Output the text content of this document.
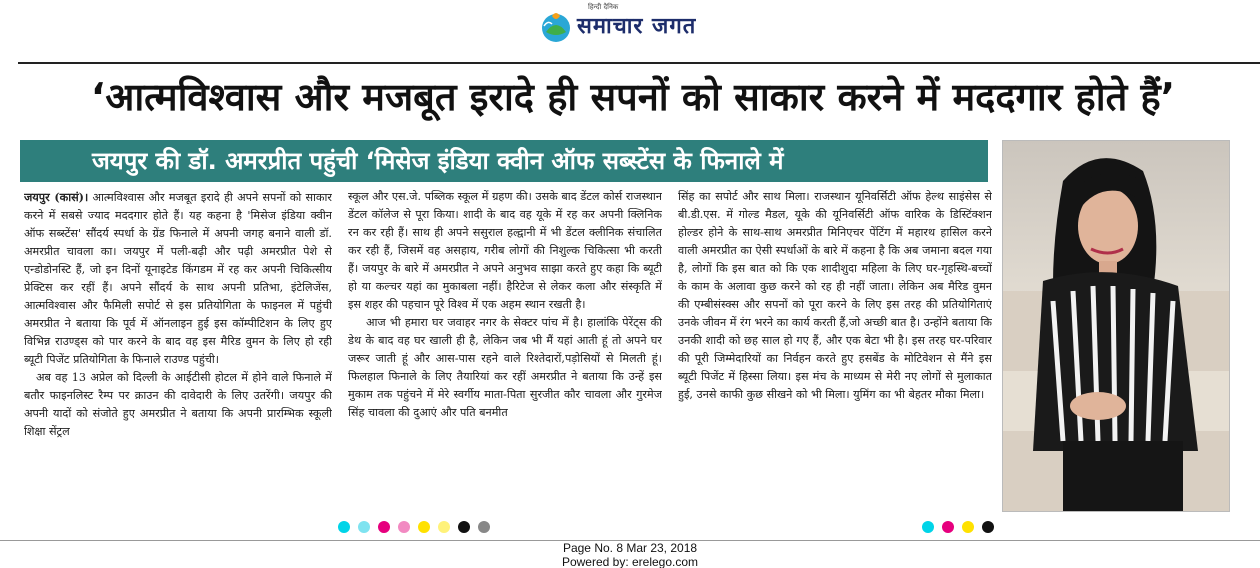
हिन्दी दैनिक
समाचार जगत
‘आत्मविश्वास और मजबूत इरादे ही सपनों को साकार करने में मददगार होते हैं’
जयपुर की डॉ. अमरप्रीत पहुंची ‘मिसेज इंडिया क्वीन ऑफ सब्स्टेंस के फिनाले में

जयपुर (कासं)। आत्मविश्वास और मजबूत इरादे ही अपने सपनों को साकार करने में सबसे ज्याद मददगार होते हैं। यह कहना है 'मिसेज इंडिया क्वीन ऑफ सब्स्टेंस' सौंदर्य स्पर्धा के ग्रेंड फिनाले में अपनी जगह बनाने वाली डॉ. अमरप्रीत चावला का। जयपुर में पली-बढ़ी और पढ़ी अमरप्रीत पेशे से एन्डोडोनस्टि हैं, जो इन दिनों यूनाइटेड किंगडम में रह कर अपनी चिकित्सीय प्रेक्टिस कर रहीं हैं। अपने सौंदर्य के साथ अपनी प्रतिभा, इंटेलिजेंस, आत्मविश्वास और फैमिली सपोर्ट से इस प्रतियोगिता के फाइनल में पहुंची अमरप्रीत ने बताया कि पूर्व में ऑनलाइन हुई इस कॉम्पीटिशन के लिए हुए विभिन्न राउण्ड्स को पार करने के बाद वह इस मैरिड वुमन के लिए हो रही ब्यूटी पिजेंट प्रतियोगिता के फिनाले राउण्ड पहुंची।

अब वह 13 अप्रेल को दिल्ली के आईटीसी होटल में होने वाले फिनाले में बतौर फाइनलिस्ट रैम्प पर क्राउन की दावेदारी के लिए उतरेंगी। जयपुर की अपनी यादों को संजोते हुए अमरप्रीत ने बताया कि अपनी प्रारम्भिक स्कूली शिक्षा सेंट्रल

स्कूल और एस.जे. पब्लिक स्कूल में ग्रहण की। उसके बाद डेंटल कोर्स राजस्थान डेंटल कॉलेज से पूरा किया। शादी के बाद वह यूके में रह कर अपनी क्लिनिक रन कर रही हैं। साथ ही अपने ससुराल हल्द्वानी में भी डेंटल क्लीनिक संचालित कर रही हैं, जिसमें वह असहाय, गरीब लोगों की निशुल्क चिकित्सा भी करती हैं। जयपुर के बारे में अमरप्रीत ने अपने अनुभव साझा करते हुए कहा कि ब्यूटी हो या कल्चर यहां का मुकाबला नहीं। हैरिटेज से लेकर कला और संस्कृति में इस शहर की पहचान पूरे विश्व में एक अहम स्थान रखती है।

आज भी हमारा घर जवाहर नगर के सेक्टर पांच में है। हालांकि पेरेंट्स की डेथ के बाद वह घर खाली ही है, लेकिन जब भी मैं यहां आती हूं तो अपने घर जरूर जाती हूं और आस-पास रहने वाले रिश्तेदारों,पड़ोसियों से मिलती हूं। फिलहाल फिनाले के लिए तैयारियां कर रहीं अमरप्रीत ने बताया कि उन्हें इस मुकाम तक पहुंचने में मेरे स्वर्गीय माता-पिता सुरजीत कौर चावला और गुरमेज सिंह चावला की दुआएं और पति बनमीत

सिंह का सपोर्ट और साथ मिला। राजस्थान यूनिवर्सिटी ऑफ हेल्थ साइंसेस से बी.डी.एस. में गोल्ड मैडल, यूके की यूनिवर्सिटी ऑफ वारिक के डिस्टिंक्शन होल्डर होने के साथ-साथ अमरप्रीत मिनिएचर पेंटिंग में महारथ हासिल करने वाली अमरप्रीत का ऐसी स्पर्धाओं के बारे में कहना है कि अब जमाना बदल गया है, लोगों कि इस बात को कि एक शादीशुदा महिला के लिए घर-गृहस्थि-बच्चों के काम के अलावा कुछ करने को रह ही नहीं जाता। लेकिन अब मैरिड वुमन की एम्बीसंस्क्स और सपनों को पूरा करने के लिए इस तरह की प्रतियोगिताएं उनके जीवन में रंग भरने का कार्य करती हैं,जो अच्छी बात है। उन्होंने बताया कि उनकी शादी को छह साल हो गए हैं, और एक बेटा भी है। इस तरह घर-परिवार की पूरी जिम्मेदारियों का निर्वहन करते हुए हसबेंड के मोटिवेशन से मैंने इस ब्यूटी पिजेंट में हिस्सा लिया। इस मंच के माध्यम से मेरी नए लोगों से मुलाकात हुई, उनसे काफी कुछ सीखने को भी मिला। युमिंग का भी बेहतर मौका मिला।

Page No. 8 Mar 23, 2018
Powered by: erelego.com
